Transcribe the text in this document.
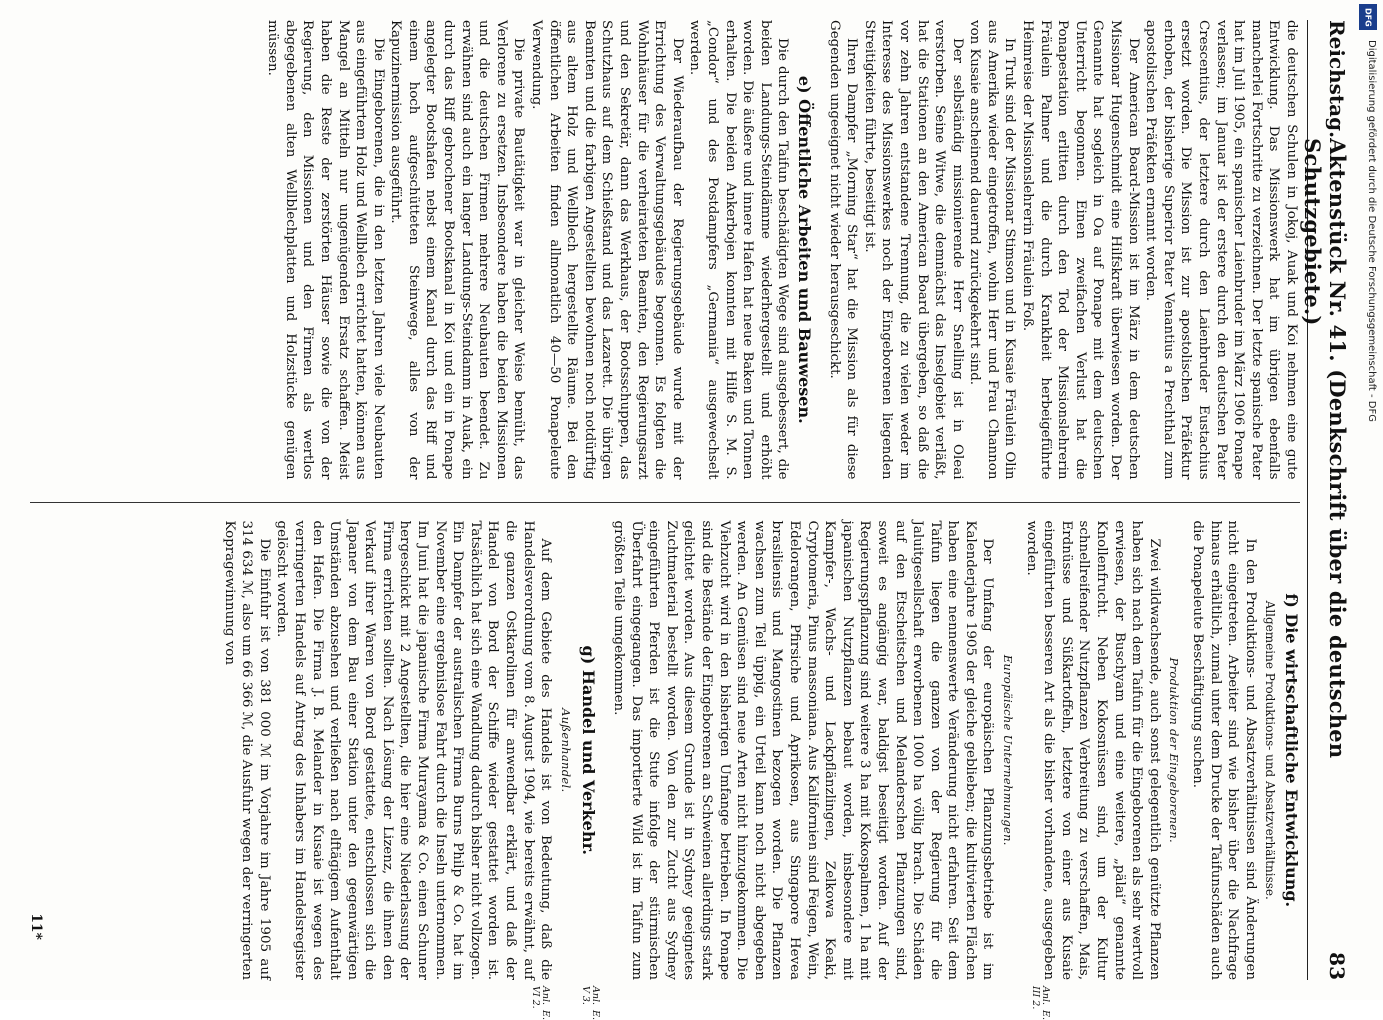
DFG
Digitalisierung gefördert durch die Deutsche Forschungsgemeinschaft - DFG
Reichstag.
Aktenstück Nr. 41. (Denkschrift über die deutschen Schutzgebiete.)
83

die deutschen Schulen in Jokoj, Auak und Koi nehmen eine gute Entwicklung. Das Missionswerk hat im übrigen ebenfalls mancherlei Fortschritte zu verzeichnen. Der letzte spanische Pater hat im Juli 1905, ein spanischer Laienbruder im März 1906 Ponape verlassen; im Januar ist der erstere durch den deutschen Pater Crescentius, der letztere durch den Laienbruder Eustachius ersetzt worden. Die Mission ist zur apostolischen Präfektur erhoben, der bisherige Superior Pater Venantius a Prechthal zum apostolischen Präfekten ernannt worden.

Der American Board-Mission ist im März in dem deutschen Missionar Hugenschmidt eine Hilfskraft überwiesen worden. Der Genannte hat sogleich in Oa auf Ponape mit dem deutschen Unterricht begonnen. Einen zweifachen Verlust hat die Ponapestation erlitten durch den Tod der Missionslehrerin Fräulein Palmer und die durch Krankheit herbeigeführte Heimreise der Missionslehrerin Fräulein Foß.

In Truk sind der Missionar Stimson und in Kusaie Fräulein Olin aus Amerika wieder eingetroffen, wohin Herr und Frau Channon von Kusaie anscheinend dauernd zurückgekehrt sind.

Der selbständig missionierende Herr Snelling ist in Oleai verstorben. Seine Witwe, die demnächst das Inselgebiet verläßt, hat die Stationen an den American Board übergeben, so daß die vor zehn Jahren entstandene Trennung, die zu vielen weder im Interesse des Missionswerkes noch der Eingeborenen liegenden Streitigkeiten führte, beseitigt ist.

Ihren Dampfer „Morning Star“ hat die Mission als für diese Gegenden ungeeignet nicht wieder herausgeschickt.

e) Öffentliche Arbeiten und Bauwesen.

Die durch den Taifun beschädigten Wege sind ausgebessert, die beiden Landungs-Steindämme wiederhergestellt und erhöht worden. Die äußere und innere Hafen hat neue Baken und Tonnen erhalten. Die beiden Ankerbojen konnten mit Hilfe S. M. S. „Condor“ und des Postdampfers „Germania“ ausgewechselt werden.

Der Wiederaufbau der Regierungsgebäude wurde mit der Errichtung des Verwaltungsgebäudes begonnen. Es folgten die Wohnhäuser für die verheirateten Beamten, den Regierungsarzt und den Sekretär, dann das Werkhaus, der Bootsschuppen, das Schutzhaus auf dem Schießstand und das Lazarett. Die übrigen Beamten und die farbigen Angestellten bewohnen noch notdürftig aus altem Holz und Wellblech hergestellte Räume. Bei den öffentlichen Arbeiten finden allmonatlich 40—50 Ponapeleute Verwendung.

Die private Bautätigkeit war in gleicher Weise bemüht, das Verlorene zu ersetzen. Insbesondere haben die beiden Missionen und die deutschen Firmen mehrere Neubauten beendet. Zu erwähnen sind auch ein langer Landungs-Steindamm in Auak, ein durch das Riff gebrochener Bootskanal in Koi und ein in Ponape angelegter Bootshafen nebst einem Kanal durch das Riff und einem hoch aufgeschütteten Steinwege, alles von der Kapuzinermission ausgeführt.

Die Eingeborenen, die in den letzten Jahren viele Neubauten aus eingeführtem Holz und Wellblech errichtet hatten, können aus Mangel an Mitteln nur ungenügenden Ersatz schaffen. Meist haben die Reste der zerstörten Häuser sowie die von der Regierung, den Missionen und den Firmen als wertlos abgegebenen alten Wellblechplatten und Holzstücke genügen müssen.

f) Die wirtschaftliche Entwicklung.
Allgemeine Produktions- und Absatzverhältnisse.

In den Produktions- und Absatzverhältnissen sind Änderungen nicht eingetreten. Arbeiter sind wie bisher über die Nachfrage hinaus erhältlich, zumal unter dem Drucke der Taifunschäden auch die Ponapeleute Beschäftigung suchen.

Produktion der Eingeborenen.

Zwei wildwachsende, auch sonst gelegentlich genützte Pflanzen haben sich nach dem Taifun für die Eingeborenen als sehr wertvoll erwiesen, der Buschyam und eine weitere, „pälai“ genannte Knollenfrucht. Neben Kokosnüssen sind, um der Kultur schnellreifender Nutzpflanzen Verbreitung zu verschaffen, Mais, Erdnüsse und Süßkartoffeln, letztere von einer aus Kusaie eingeführten besseren Art als die bisher vorhandene, ausgegeben worden.

Europäische Unternehmungen.

Der Umfang der europäischen Pflanzungsbetriebe ist im Kalenderjahre 1905 der gleiche geblieben; die kultivierten Flächen haben eine nennenswerte Veränderung nicht erfahren. Seit dem Taifun liegen die ganzen von der Regierung für die Jaluitgesellschaft erworbenen 1000 ha völlig brach. Die Schäden auf den Etscheitschen und Melanderschen Pflanzungen sind, soweit es angängig war, baldigst beseitigt worden. Auf der Regierungspflanzung sind weitere 3 ha mit Kokospalmen, 1 ha mit japanischen Nutzpflanzen bebaut worden, insbesondere mit Kampfer-, Wachs- und Lackpflänzlingen, Zelkowa Keaki, Cryptomeria, Pinus massoniana. Aus Kalifornien sind Feigen, Wein, Edelorangen, Pfirsiche und Aprikosen, aus Singapore Hevea brasiliensis und Mangostinen bezogen worden. Die Pflanzen wachsen zum Teil üppig, ein Urteil kann noch nicht abgegeben werden. An Gemüsen sind neue Arten nicht hinzugekommen. Die Viehzucht wird in den bisherigen Umfange betrieben. In Ponape sind die Bestände der Eingeborenen an Schweinen allerdings stark gelichtet worden. Aus diesem Grunde ist in Sydney geeignetes Zuchtmaterial bestellt worden. Von den zur Zucht aus Sydney eingeführten Pferden ist die Stute infolge der stürmischen Überfahrt eingegangen. Das importierte Wild ist im Taifun zum größten Teile umgekommen.

g) Handel und Verkehr.
Außenhandel.

Auf dem Gebiete des Handels ist von Bedeutung, daß die Handelsverordnung vom 8. August 1904, wie bereits erwähnt, auf die ganzen Ostkarolinen für anwendbar erklärt, und daß der Handel von Bord der Schiffe wieder gestattet worden ist. Tatsächlich hat sich eine Wandlung dadurch bisher nicht vollzogen. Ein Dampfer der australischen Firma Burns Philp & Co. hat im November eine ergebnislose Fahrt durch die Inseln unternommen. Im Juni hat die japanische Firma Murayama & Co. einen Schuner hergeschickt mit 2 Angestellten, die hier eine Niederlassung der Firma errichten sollten. Nach Lösung der Lizenz, die ihnen den Verkauf ihrer Waren von Bord gestattete, entschlossen sich die Japaner von dem Bau einer Station unter den gegenwärtigen Umständen abzusehen und verließen nach elftägigem Aufenthalt den Hafen. Die Firma J. B. Melander in Kusaie ist wegen des verringerten Handels auf Antrag des Inhabers im Handelsregister gelöscht worden.

Die Einfuhr ist von 381 000 ℳ im Vorjahre im Jahre 1905 auf 314 634 ℳ, also um 66 366 ℳ, die Ausfuhr wegen der verringerten Kopragewinnung von

Anl. E. III 2.
Anl. E. V 3.
Anl. E. VI 2.
11*
